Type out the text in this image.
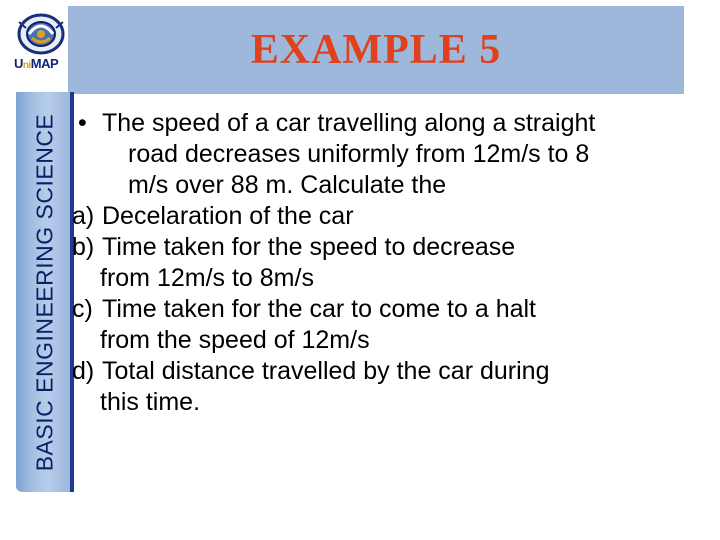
EXAMPLE 5
BASIC ENGINEERING SCIENCE
UniMAP
• The speed of a car travelling along a straight
road decreases uniformly from 12m/s to 8
m/s over 88 m. Calculate the
a) Decelaration of the car
b) Time taken for the speed to decrease
from 12m/s to 8m/s
c) Time taken for the car to come to a halt
from the speed of 12m/s
d) Total distance travelled by the car during
this time.
